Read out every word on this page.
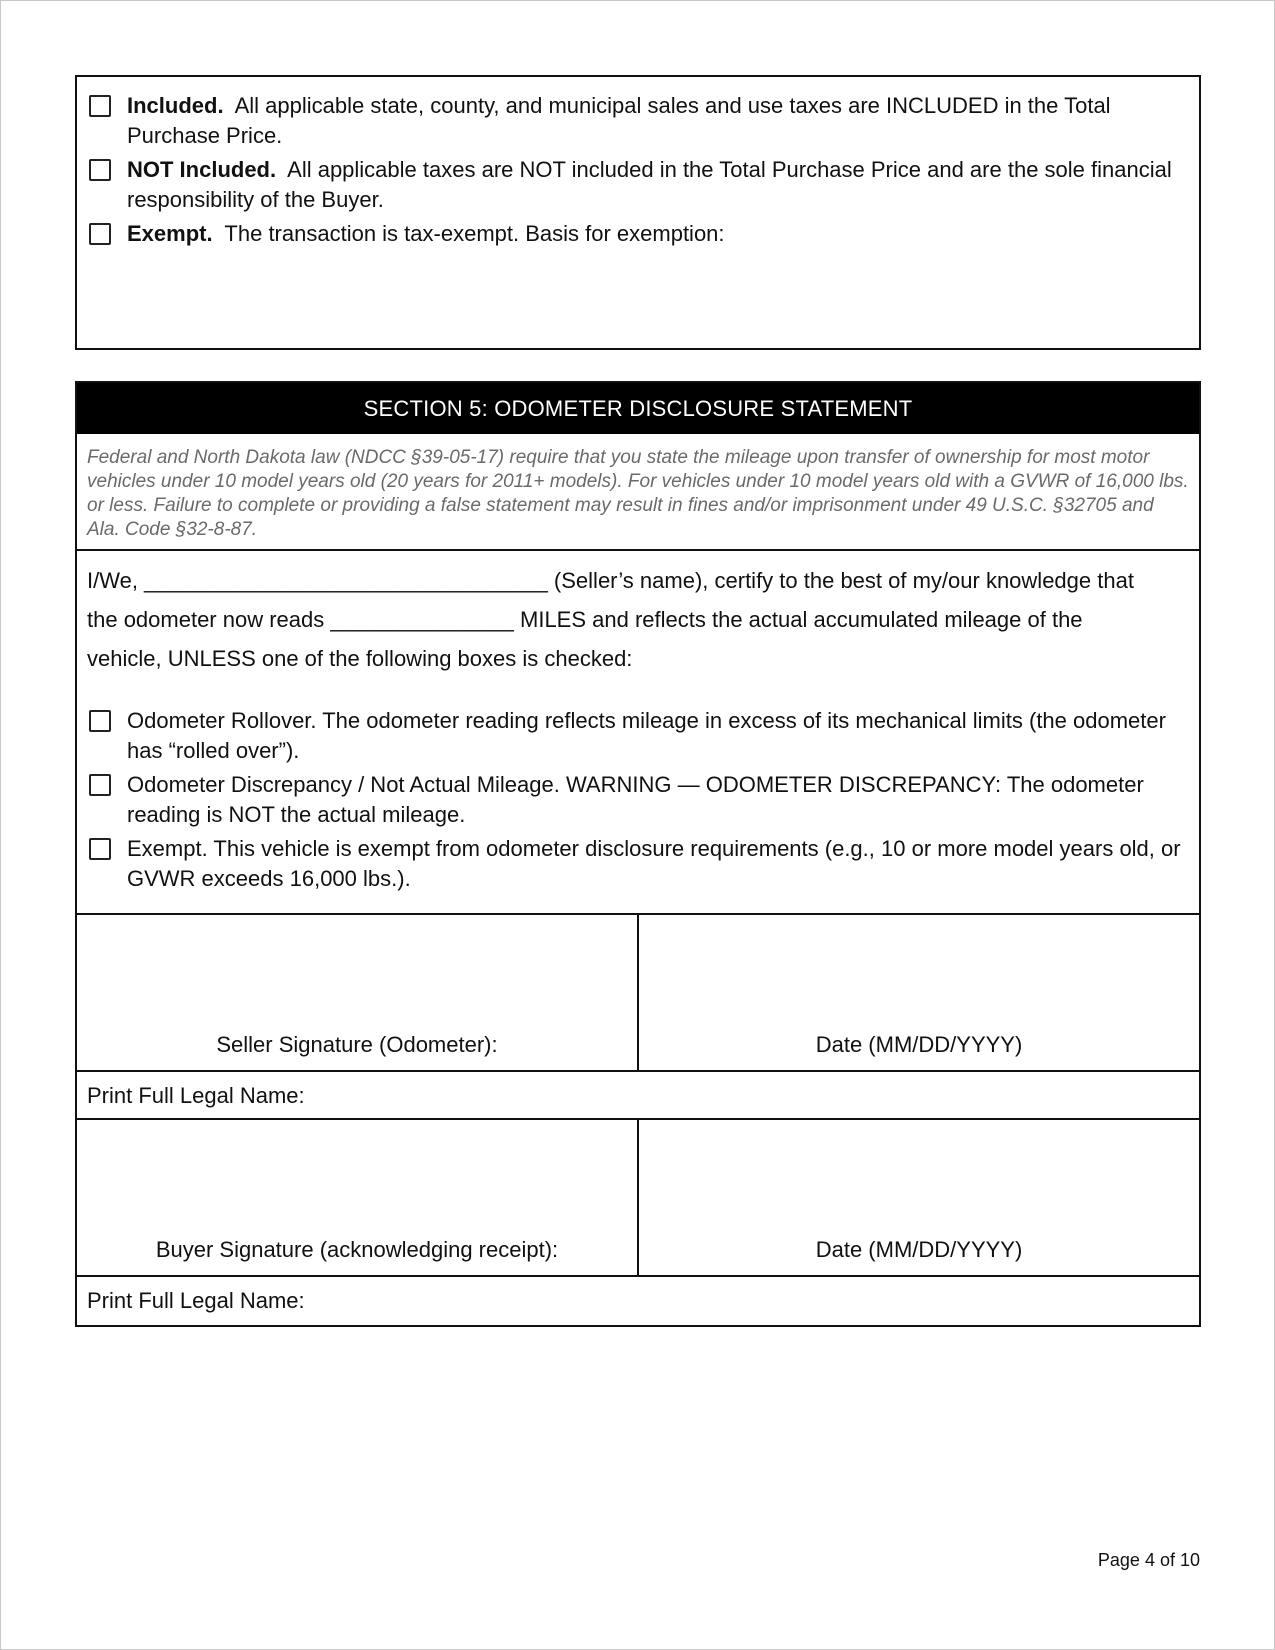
Included. All applicable state, county, and municipal sales and use taxes are INCLUDED in the Total Purchase Price.
NOT Included. All applicable taxes are NOT included in the Total Purchase Price and are the sole financial responsibility of the Buyer.
Exempt. The transaction is tax-exempt. Basis for exemption:
SECTION 5: ODOMETER DISCLOSURE STATEMENT
Federal and North Dakota law (NDCC §39-05-17) require that you state the mileage upon transfer of ownership for most motor vehicles under 10 model years old (20 years for 2011+ models). For vehicles under 10 model years old with a GVWR of 16,000 lbs. or less. Failure to complete or providing a false statement may result in fines and/or imprisonment under 49 U.S.C. §32705 and Ala. Code §32-8-87.
I/We, _________________________________ (Seller’s name), certify to the best of my/our knowledge that
the odometer now reads _______________ MILES and reflects the actual accumulated mileage of the
vehicle, UNLESS one of the following boxes is checked:
Odometer Rollover. The odometer reading reflects mileage in excess of its mechanical limits (the odometer has “rolled over”).
Odometer Discrepancy / Not Actual Mileage. WARNING — ODOMETER DISCREPANCY: The odometer reading is NOT the actual mileage.
Exempt. This vehicle is exempt from odometer disclosure requirements (e.g., 10 or more model years old, or GVWR exceeds 16,000 lbs.).
Seller Signature (Odometer):	Date (MM/DD/YYYY)
Print Full Legal Name:
Buyer Signature (acknowledging receipt):	Date (MM/DD/YYYY)
Print Full Legal Name:
Page 4 of 10
